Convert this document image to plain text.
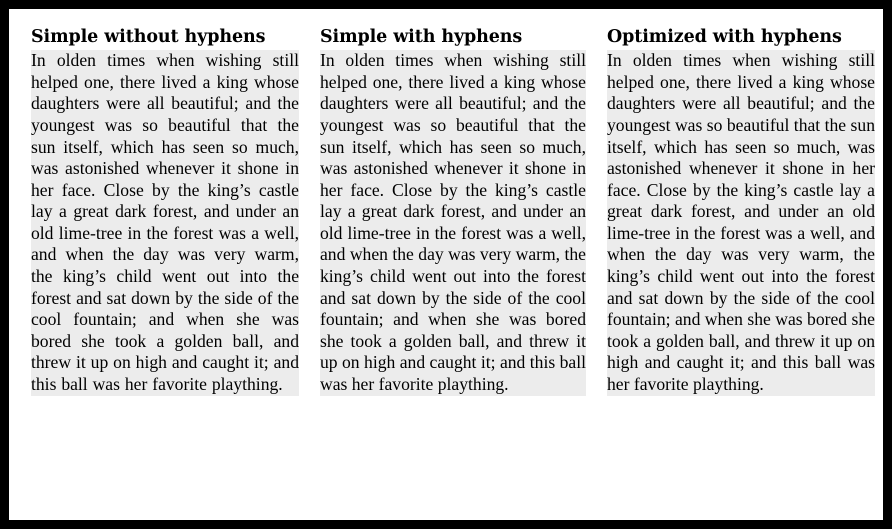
Simple without hyphens

In olden times when wishing still helped one, there lived a king whose daughters were all beautiful; and the youngest was so beautiful that the sun itself, which has seen so much, was astonished whenever it shone in her face. Close by the king’s castle lay a great dark forest, and under an old lime-tree in the forest was a well, and when the day was very warm, the king’s child went out into the forest and sat down by the side of the cool fountain; and when she was bored she took a golden ball, and threw it up on high and caught it; and this ball was her favorite plaything.

Simple with hyphens

In olden times when wishing still helped one, there lived a king whose daughters were all beautiful; and the youngest was so beautiful that the sun itself, which has seen so much, was astonished whenever it shone in her face. Close by the king’s castle lay a great dark forest, and under an old lime-tree in the forest was a well, and when the day was very warm, the king’s child went out into the forest and sat down by the side of the cool fountain; and when she was bored she took a golden ball, and threw it up on high and caught it; and this ball was her favorite plaything.

Optimized with hyphens

In olden times when wishing still helped one, there lived a king whose daughters were all beautiful; and the youngest was so beautiful that the sun itself, which has seen so much, was astonished whenever it shone in her face. Close by the king’s castle lay a great dark forest, and under an old lime-tree in the forest was a well, and when the day was very warm, the king’s child went out into the forest and sat down by the side of the cool fountain; and when she was bored she took a golden ball, and threw it up on high and caught it; and this ball was her favorite plaything.
